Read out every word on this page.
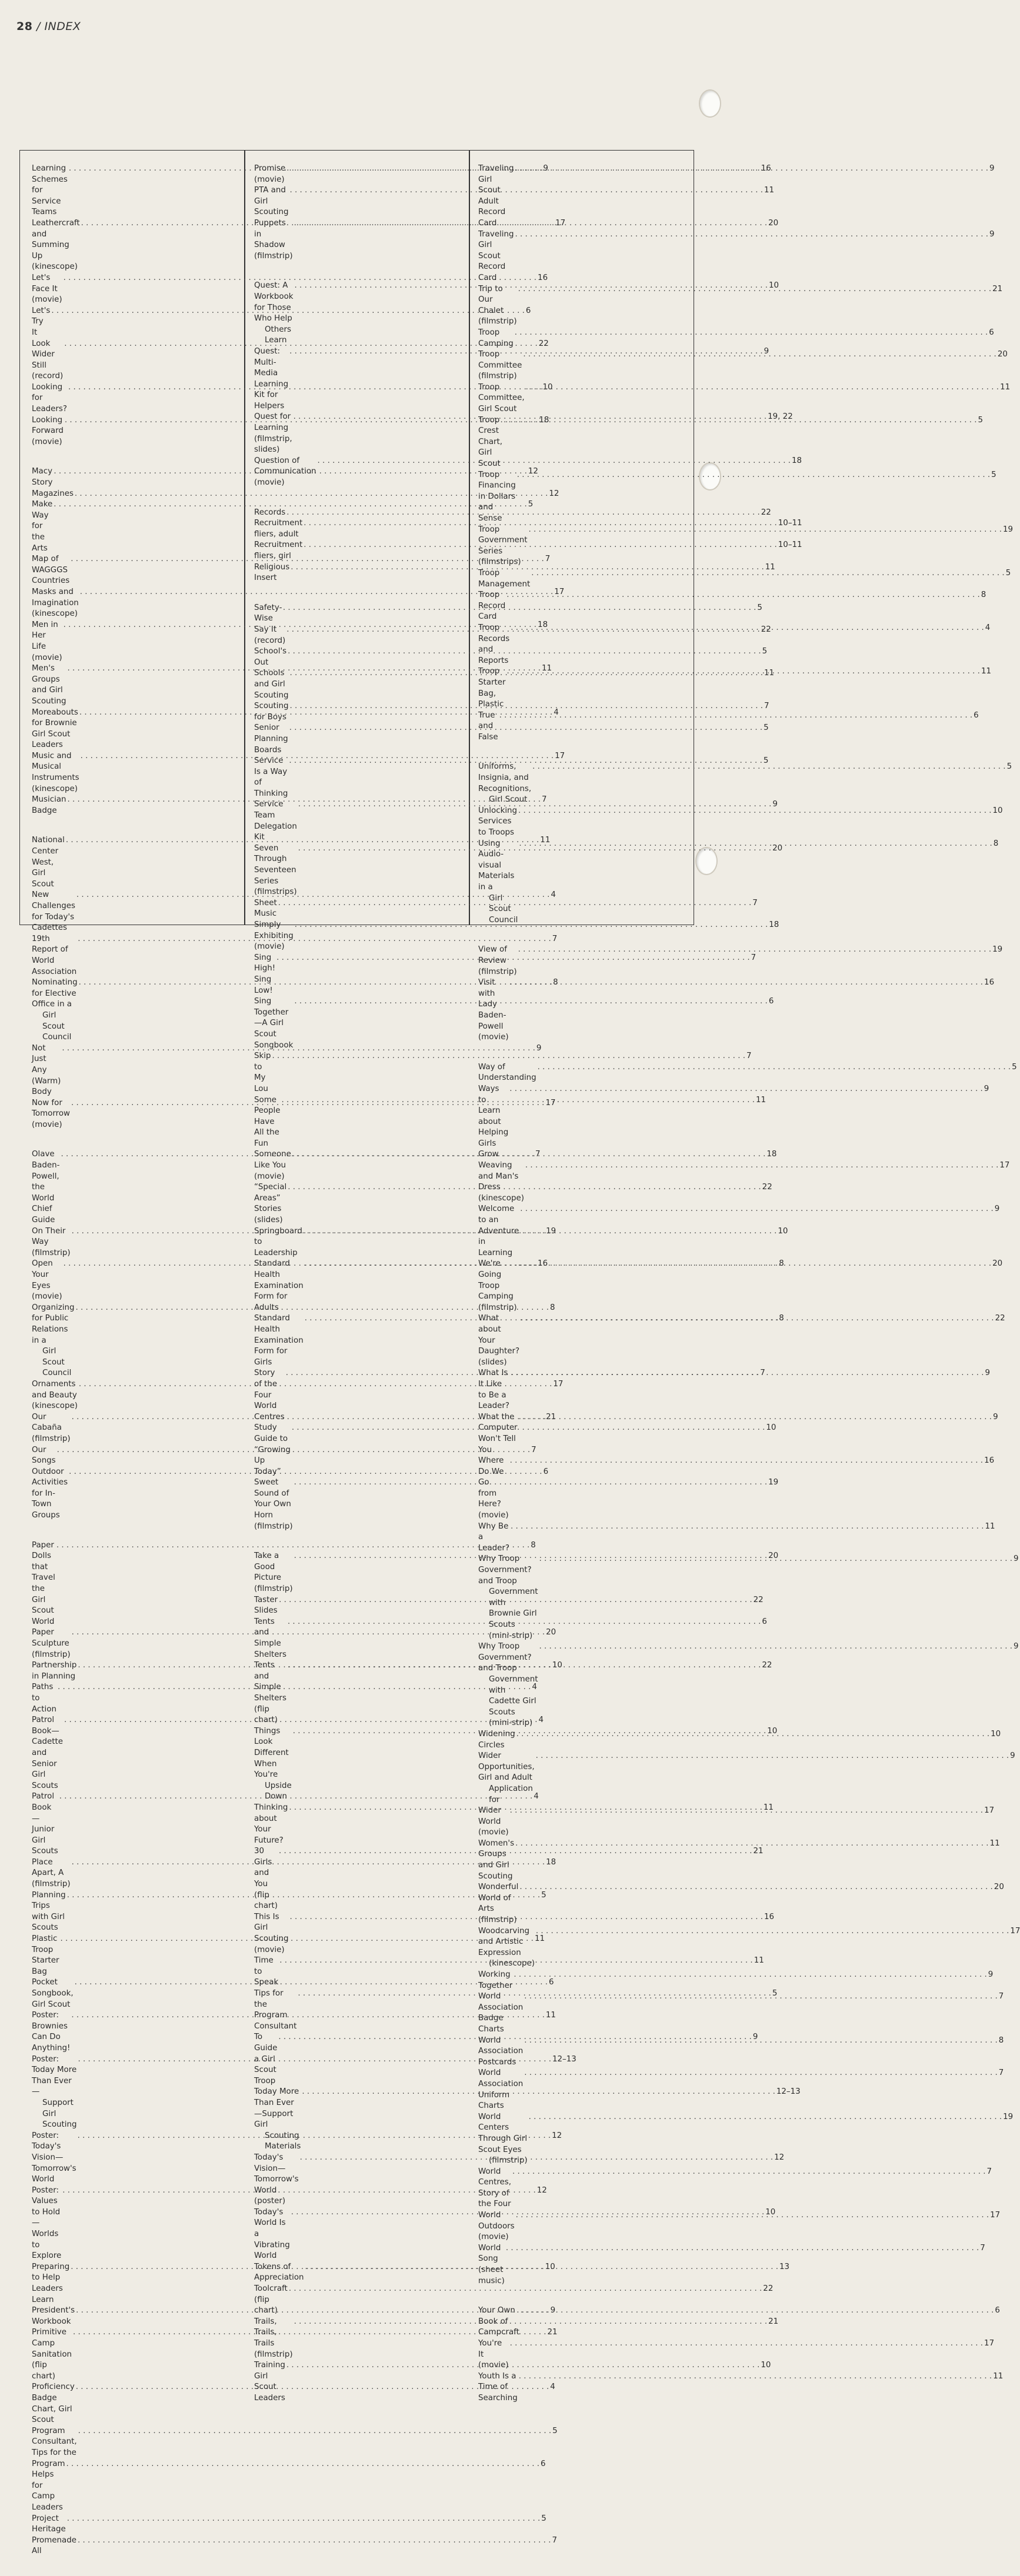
28 / INDEX
Learning Schemes for Service Teams
. . .
9
Leathercraft and Summing Up (kinescope)
. . .
17
Let's Face It (movie)
. . .
16
Let's Try It
. . .
6
Look Wider Still (record)
. . .
22
Looking for Leaders?
. . .
10
Looking Forward (movie)
. . .
18
Macy Story
. . .
12
Magazines . . .	12
Make Way for the Arts
. . .
5
Map of WAGGGS Countries
. . .
7
Masks and Imagination (kinescope)
. . .
17
Men in Her Life (movie)
. . .
18
Men's Groups and Girl Scouting
. . .
11
Moreabouts for Brownie Girl Scout Leaders
. . .
4
Music and Musical Instruments (kinescope)
. . .
17
Musician Badge
. . .
7
National Center West, Girl Scout
. . .
11
New Challenges for Today's Cadettes
. . .
4
19th Report of World Association
. . .
7
Nominating for Elective Office in a
Girl Scout Council
. . .
8
Not Just Any (Warm) Body
. . .
9
Now for Tomorrow (movie)
. . .
17
Olave Baden-Powell, the World Chief Guide
. . .
7
On Their Way (filmstrip)
. . .
19
Open Your Eyes (movie)
. . .
16
Organizing for Public Relations in a
Girl Scout Council
. . .
8
Ornaments and Beauty (kinescope)
. . .
17
Our Cabaña (filmstrip)
. . .
21
Our Songs
. . .
7
Outdoor Activities for In-Town Groups
. . .
6
Paper Dolls that Travel the Girl Scout World
. . .
8
Paper Sculpture (filmstrip)
. . .
20
Partnership in Planning
. . .
10
Paths to Action
. . .
4
Patrol Book—Cadette and Senior Girl Scouts
. . .
4
Patrol Book—Junior Girl Scouts
. . .
4
Place Apart, A (filmstrip)
. . .
18
Planning Trips with Girl Scouts
. . .
5
Plastic Troop Starter Bag
. . .
11
Pocket Songbook, Girl Scout
. . .
6
Poster: Brownies Can Do Anything!
. . .
11
Poster: Today More Than Ever—
Support Girl Scouting
. . .
12–13
Poster: Today's Vision—Tomorrow's World
. . .
12
Poster: Values to Hold—Worlds to Explore
. . .
12
Preparing to Help Leaders Learn
. . .
10
President's Workbook
. . .
9
Primitive Camp Sanitation (flip chart)
. . .
21
Proficiency Badge Chart, Girl Scout
. . .
4
Program Consultant, Tips for the
. . .
5
Program Helps for Camp Leaders
. . .
6
Project Heritage
. . .
5
Promenade All
. . .
7
Promise (movie)
. . .
16
PTA and Girl Scouting
. . .
11
Puppets in Shadow (filmstrip)
. . .
20
Quest: A Workbook for Those Who Help
Others Learn
. . .
10
Quest: Multi-Media Learning Kit for Helpers
. . .
9
Quest for Learning (filmstrip, slides)
. . .
19, 22
Question of Communication (movie)
. . .
18
Records . . .	22
Recruitment fliers, adult
. . .
10–11
Recruitment fliers, girl
. . .
10–11
Religious Insert
. . .
11
Safety-Wise
. . .
5
Say It (record)
. . .
22
School's Out
. . .
5
Schools and Girl Scouting
. . .
11
Scouting for Boys
. . .
7
Senior Planning Boards
. . .
5
Service Is a Way of Thinking
. . .
5
Service Team Delegation Kit
. . .
9
Seven Through Seventeen Series (filmstrips)
. . .
20
Sheet Music
. . .
7
Simply Exhibiting (movie)
. . .
18
Sing High! Sing Low!
. . .
7
Sing Together—A Girl Scout Songbook
. . .
6
Skip to My Lou
. . .
7
Some People Have All the Fun
. . .
11
Someone Like You (movie)
. . .
18
“Special Areas” Stories (slides)
. . .
22
Springboard to Leadership
. . .
10
Standard Health Examination Form for Adults
. . .
8
Standard Health Examination Form for Girls
. . .
8
Story of the Four World Centres
. . .
7
Study Guide to “Growing Up Today”
. . .
10
Sweet Sound of Your Own Horn (filmstrip)
. . .
19
Take a Good Picture (filmstrip)
. . .
20
Taster Slides
. . .
22
Tents and Simple Shelters
. . .
6
Tents and Simple Shelters (flip chart)
. . .
22
Things Look Different When You're
Upside Down
. . .
10
Thinking about Your Future?
. . .
11
30 Girls and You (flip chart)
. . .
21
This Is Girl Scouting (movie)
. . .
16
Time to Speak
. . .
11
Tips for the Program Consultant
. . .
5
To Guide a Girl Scout Troop
. . .
9
Today More Than Ever—Support Girl
Scouting Materials
. . .
12–13
Today's Vision—Tomorrow's World (poster)
. . .
12
Today's World Is a Vibrating World
. . .
10
Tokens of Appreciation
. . .
13
Toolcraft (flip chart)
. . .
22
Trails, Trails, Trails (filmstrip)
. . .
21
Training Girl Scout Leaders
. . .
10
Traveling Girl Scout Adult Record Card
. . .
9
Traveling Girl Scout Record Card
. . .
9
Trip to Our Chalet (filmstrip)
. . .
21
Troop Camping
. . .
6
Troop Committee (filmstrip)
. . .
20
Troop Committee, Girl Scout
. . .
11
Troop Crest Chart, Girl Scout
. . .
5
Troop Financing in Dollars and Sense
. . .
5
Troop Government Series (filmstrips)
. . .
19
Troop Management
. . .
5
Troop Record Card
. . .
8
Troop Records and Reports
. . .
4
Troop Starter Bag, Plastic
. . .
11
True and False
. . .
6
Uniforms, Insignia, and Recognitions,
Girl Scout
. . .
5
Unlocking Services to Troops
. . .
10
Using Audio-visual Materials in a
Girl Scout Council
. . .
8
View of Review (filmstrip)
. . .
19
Visit with Lady Baden-Powell (movie)
. . .
16
Way of Understanding
. . .
5
Ways to Learn about Helping Girls Grow
. . .
9
Weaving and Man's Dress (kinescope)
. . .
17
Welcome to an Adventure in Learning
. . .
9
We're Going Troop Camping (filmstrip)
. . .
20
What about Your Daughter? (slides)
. . .
22
What Is It Like to Be a Leader?
. . .
9
What the Computer Won't Tell You
. . .
9
Where Do We Go from Here? (movie)
. . .
16
Why Be a Leader?
. . .
11
Why Troop Government? and Troop
Government with Brownie Girl Scouts
(mini-strip)
. . .
9
Why Troop Government? and Troop
Government with Cadette Girl Scouts
(mini-strip)
. . .
9
Widening Circles
. . .
10
Wider Opportunities, Girl and Adult
Application for
. . .
9
Wider World (movie)
. . .
17
Women's Groups and Girl Scouting
. . .
11
Wonderful World of Arts (filmstrip)
. . .
20
Woodcarving and Artistic Expression
(kinescope)
. . .
17
Working Together
. . .
9
World Association Badge Charts
. . .
7
World Association Postcards
. . .
8
World Association Uniform Charts
. . .
7
World Centers Through Girl Scout Eyes
(filmstrip)
. . .
19
World Centres, Story of the Four
. . .
7
World Outdoors (movie)
. . .
17
World Song (sheet music)
. . .
7
Your Own Book of Campcraft
. . .
6
You're It (movie)
. . .
17
Youth Is a Time of Searching
. . .
11
